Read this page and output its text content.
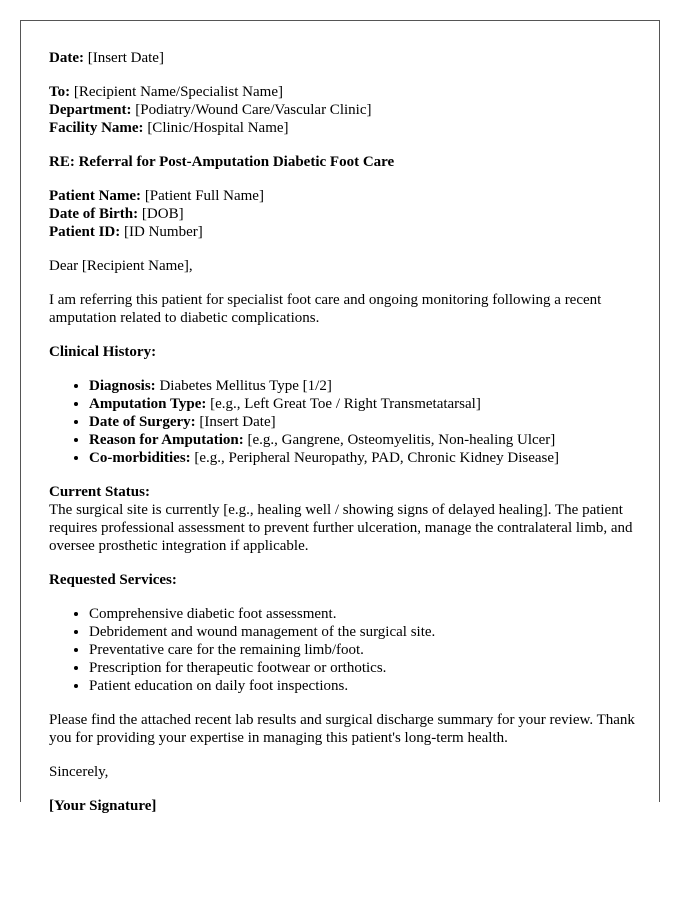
Date: [Insert Date]

To: [Recipient Name/Specialist Name]
Department: [Podiatry/Wound Care/Vascular Clinic]
Facility Name: [Clinic/Hospital Name]

RE: Referral for Post-Amputation Diabetic Foot Care

Patient Name: [Patient Full Name]
Date of Birth: [DOB]
Patient ID: [ID Number]

Dear [Recipient Name],

I am referring this patient for specialist foot care and ongoing monitoring following a recent amputation related to diabetic complications.

Clinical History:

• Diagnosis: Diabetes Mellitus Type [1/2]
• Amputation Type: [e.g., Left Great Toe / Right Transmetatarsal]
• Date of Surgery: [Insert Date]
• Reason for Amputation: [e.g., Gangrene, Osteomyelitis, Non-healing Ulcer]
• Co-morbidities: [e.g., Peripheral Neuropathy, PAD, Chronic Kidney Disease]

Current Status:
The surgical site is currently [e.g., healing well / showing signs of delayed healing]. The patient requires professional assessment to prevent further ulceration, manage the contralateral limb, and oversee prosthetic integration if applicable.

Requested Services:

• Comprehensive diabetic foot assessment.
• Debridement and wound management of the surgical site.
• Preventative care for the remaining limb/foot.
• Prescription for therapeutic footwear or orthotics.
• Patient education on daily foot inspections.

Please find the attached recent lab results and surgical discharge summary for your review. Thank you for providing your expertise in managing this patient's long-term health.

Sincerely,

[Your Signature]
